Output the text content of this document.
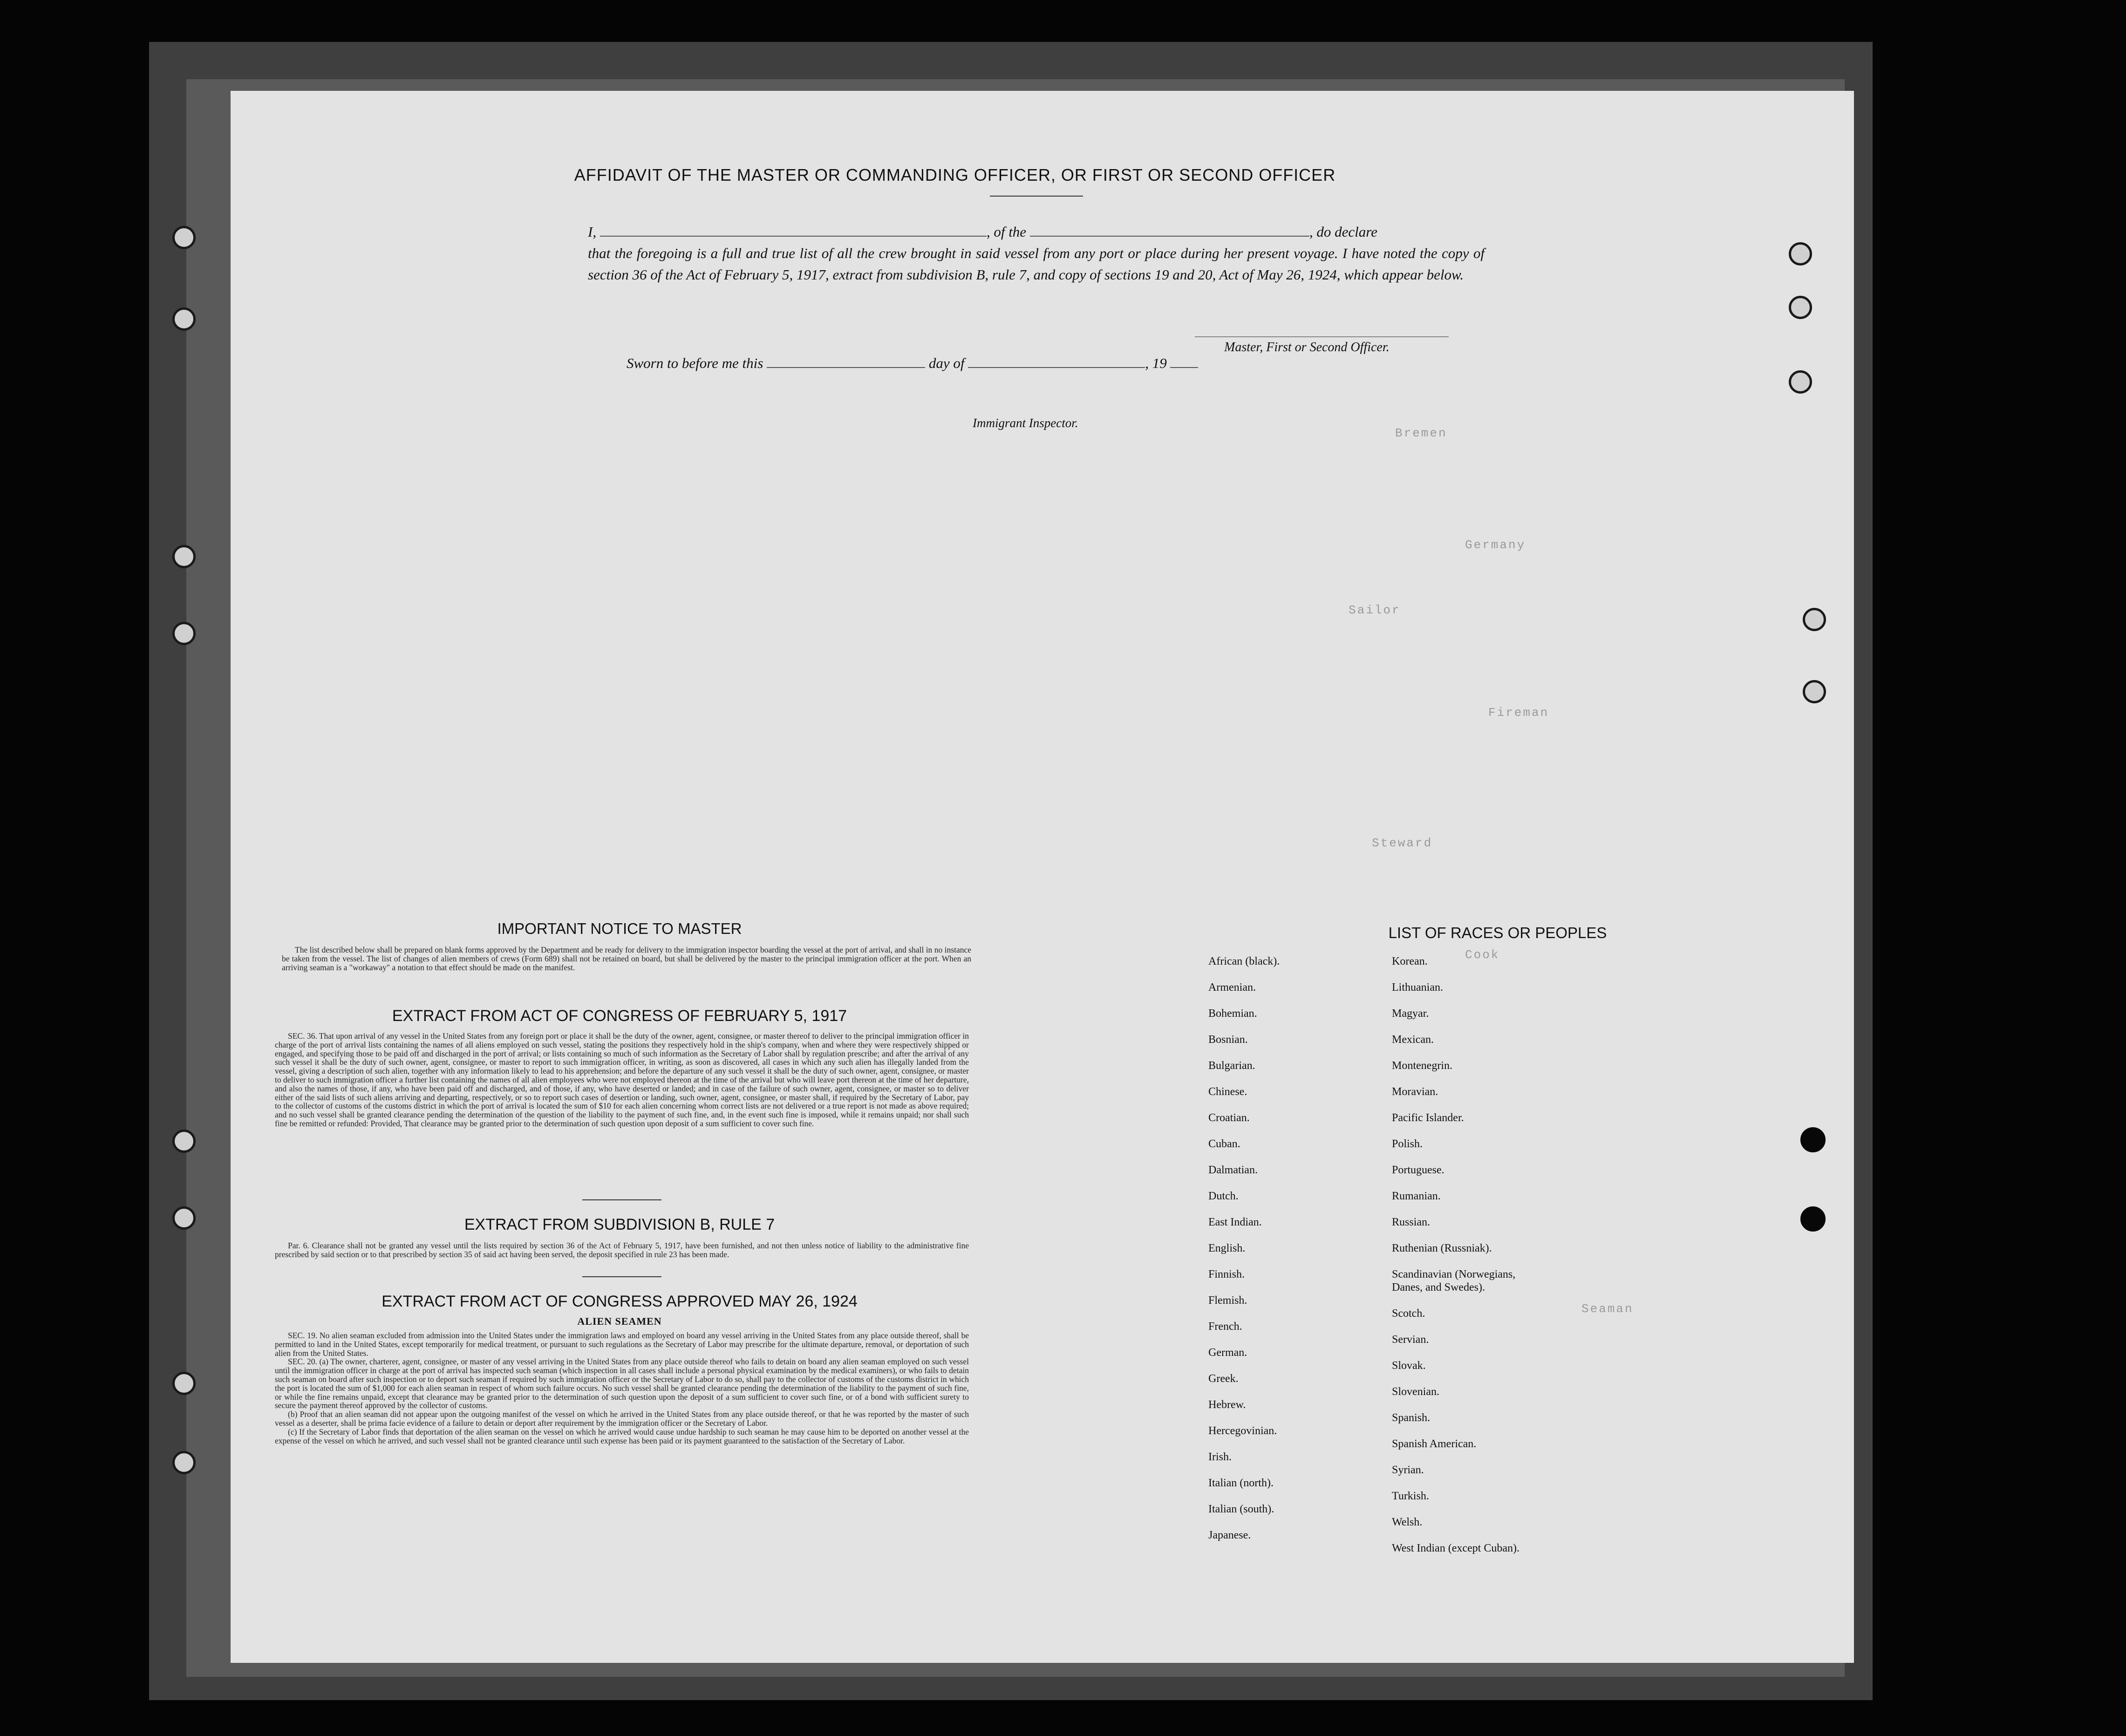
Bremen
Germany
Sailor
Fireman
Steward
Cook
Seaman
AFFIDAVIT OF THE MASTER OR COMMANDING OFFICER, OR FIRST OR SECOND OFFICER
I,	, of the	, do declare
that the foregoing is a full and true list of all the crew brought in said vessel from any port or place during her present voyage. I have noted the copy of section 36 of the Act of February 5, 1917, extract from subdivision B, rule 7, and copy of sections 19 and 20, Act of May 26, 1924, which appear below.
Master, First or Second Officer.
Sworn to before me this	day of	, 19
Immigrant Inspector.
IMPORTANT NOTICE TO MASTER

The list described below shall be prepared on blank forms approved by the Department and be ready for delivery to the immigration inspector boarding the vessel at the port of arrival, and shall in no instance be taken from the vessel. The list of changes of alien members of crews (Form 689) shall not be retained on board, but shall be delivered by the master to the principal immigration officer at the port. When an arriving seaman is a "workaway" a notation to that effect should be made on the manifest.

EXTRACT FROM ACT OF CONGRESS OF FEBRUARY 5, 1917

SEC. 36. That upon arrival of any vessel in the United States from any foreign port or place it shall be the duty of the owner, agent, consignee, or master thereof to deliver to the principal immigration officer in charge of the port of arrival lists containing the names of all aliens employed on such vessel, stating the positions they respectively hold in the ship's company, when and where they were respectively shipped or engaged, and specifying those to be paid off and discharged in the port of arrival; or lists containing so much of such information as the Secretary of Labor shall by regulation prescribe; and after the arrival of any such vessel it shall be the duty of such owner, agent, consignee, or master to report to such immigration officer, in writing, as soon as discovered, all cases in which any such alien has illegally landed from the vessel, giving a description of such alien, together with any information likely to lead to his apprehension; and before the departure of any such vessel it shall be the duty of such owner, agent, consignee, or master to deliver to such immigration officer a further list containing the names of all alien employees who were not employed thereon at the time of the arrival but who will leave port thereon at the time of her departure, and also the names of those, if any, who have been paid off and discharged, and of those, if any, who have deserted or landed; and in case of the failure of such owner, agent, consignee, or master so to deliver either of the said lists of such aliens arriving and departing, respectively, or so to report such cases of desertion or landing, such owner, agent, consignee, or master shall, if required by the Secretary of Labor, pay to the collector of customs of the customs district in which the port of arrival is located the sum of $10 for each alien concerning whom correct lists are not delivered or a true report is not made as above required; and no such vessel shall be granted clearance pending the determination of the question of the liability to the payment of such fine, and, in the event such fine is imposed, while it remains unpaid; nor shall such fine be remitted or refunded: Provided, That clearance may be granted prior to the determination of such question upon deposit of a sum sufficient to cover such fine.

EXTRACT FROM SUBDIVISION B, RULE 7

Par. 6. Clearance shall not be granted any vessel until the lists required by section 36 of the Act of February 5, 1917, have been furnished, and not then unless notice of liability to the administrative fine prescribed by said section or to that prescribed by section 35 of said act having been served, the deposit specified in rule 23 has been made.

EXTRACT FROM ACT OF CONGRESS APPROVED MAY 26, 1924
ALIEN SEAMEN

SEC. 19. No alien seaman excluded from admission into the United States under the immigration laws and employed on board any vessel arriving in the United States from any place outside thereof, shall be permitted to land in the United States, except temporarily for medical treatment, or pursuant to such regulations as the Secretary of Labor may prescribe for the ultimate departure, removal, or deportation of such alien from the United States.

SEC. 20. (a) The owner, charterer, agent, consignee, or master of any vessel arriving in the United States from any place outside thereof who fails to detain on board any alien seaman employed on such vessel until the immigration officer in charge at the port of arrival has inspected such seaman (which inspection in all cases shall include a personal physical examination by the medical examiners), or who fails to detain such seaman on board after such inspection or to deport such seaman if required by such immigration officer or the Secretary of Labor to do so, shall pay to the collector of customs of the customs district in which the port is located the sum of $1,000 for each alien seaman in respect of whom such failure occurs. No such vessel shall be granted clearance pending the determination of the liability to the payment of such fine, or while the fine remains unpaid, except that clearance may be granted prior to the determination of such question upon the deposit of a sum sufficient to cover such fine, or of a bond with sufficient surety to secure the payment thereof approved by the collector of customs.

(b) Proof that an alien seaman did not appear upon the outgoing manifest of the vessel on which he arrived in the United States from any place outside thereof, or that he was reported by the master of such vessel as a deserter, shall be prima facie evidence of a failure to detain or deport after requirement by the immigration officer or the Secretary of Labor.

(c) If the Secretary of Labor finds that deportation of the alien seaman on the vessel on which he arrived would cause undue hardship to such seaman he may cause him to be deported on another vessel at the expense of the vessel on which he arrived, and such vessel shall not be granted clearance until such expense has been paid or its payment guaranteed to the satisfaction of the Secretary of Labor.

LIST OF RACES OR PEOPLES
African (black).
Armenian.
Bohemian.
Bosnian.
Bulgarian.
Chinese.
Croatian.
Cuban.
Dalmatian.
Dutch.
East Indian.
English.
Finnish.
Flemish.
French.
German.
Greek.
Hebrew.
Hercegovinian.
Irish.
Italian (north).
Italian (south).
Japanese.
Korean.
Lithuanian.
Magyar.
Mexican.
Montenegrin.
Moravian.
Pacific Islander.
Polish.
Portuguese.
Rumanian.
Russian.
Ruthenian (Russniak).
Scandinavian (Norwegians,
Danes, and Swedes).
Scotch.
Servian.
Slovak.
Slovenian.
Spanish.
Spanish American.
Syrian.
Turkish.
Welsh.
West Indian (except Cuban).
